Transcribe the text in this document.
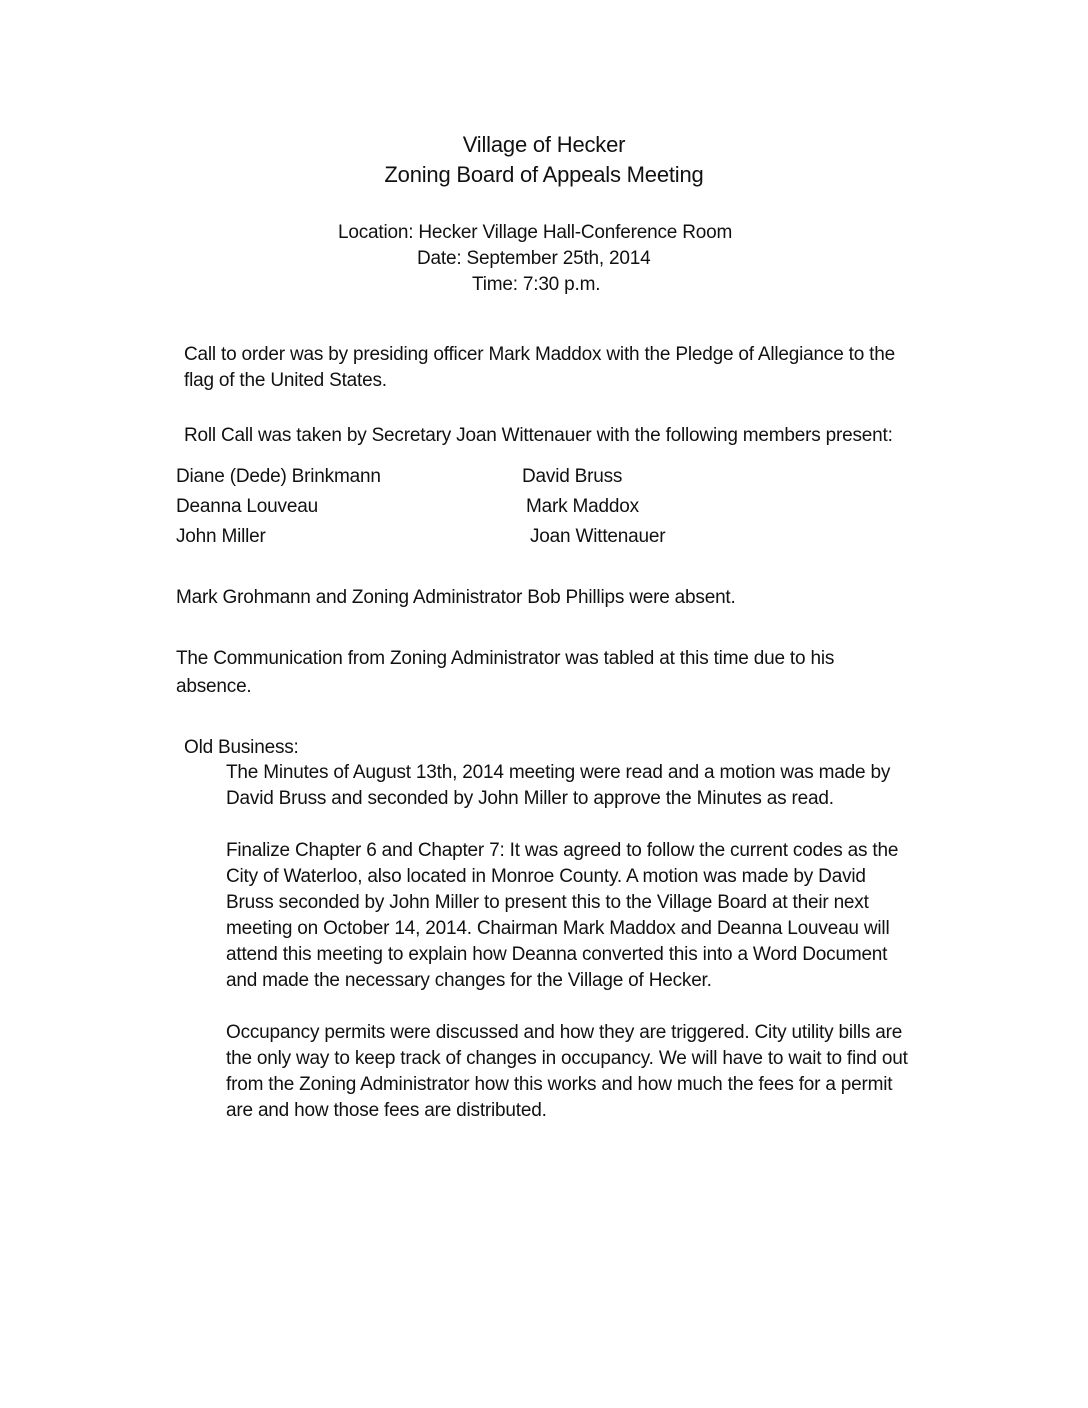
Village of Hecker
Zoning Board of Appeals Meeting
Location: Hecker Village Hall-Conference Room
Date: September 25th, 2014
Time: 7:30 p.m.
Call to order was by presiding officer Mark Maddox with the Pledge of Allegiance to the
flag of the United States.
Roll Call was taken by Secretary Joan Wittenauer with the following members present:
Diane (Dede) Brinkmann	David Bruss
Deanna Louveau	Mark Maddox
John Miller	Joan Wittenauer
Mark Grohmann and Zoning Administrator Bob Phillips were absent.
The Communication from Zoning Administrator was tabled at this time due to his
absence.
Old Business:
The Minutes of August 13th, 2014 meeting were read and a motion was made by
David Bruss and seconded by John Miller to approve the Minutes as read.
Finalize Chapter 6 and Chapter 7: It was agreed to follow the current codes as the
City of Waterloo, also located in Monroe County. A motion was made by David
Bruss seconded by John Miller to present this to the Village Board at their next
meeting on October 14, 2014. Chairman Mark Maddox and Deanna Louveau will
attend this meeting to explain how Deanna converted this into a Word Document
and made the necessary changes for the Village of Hecker.
Occupancy permits were discussed and how they are triggered. City utility bills are
the only way to keep track of changes in occupancy. We will have to wait to find out
from the Zoning Administrator how this works and how much the fees for a permit
are and how those fees are distributed.
